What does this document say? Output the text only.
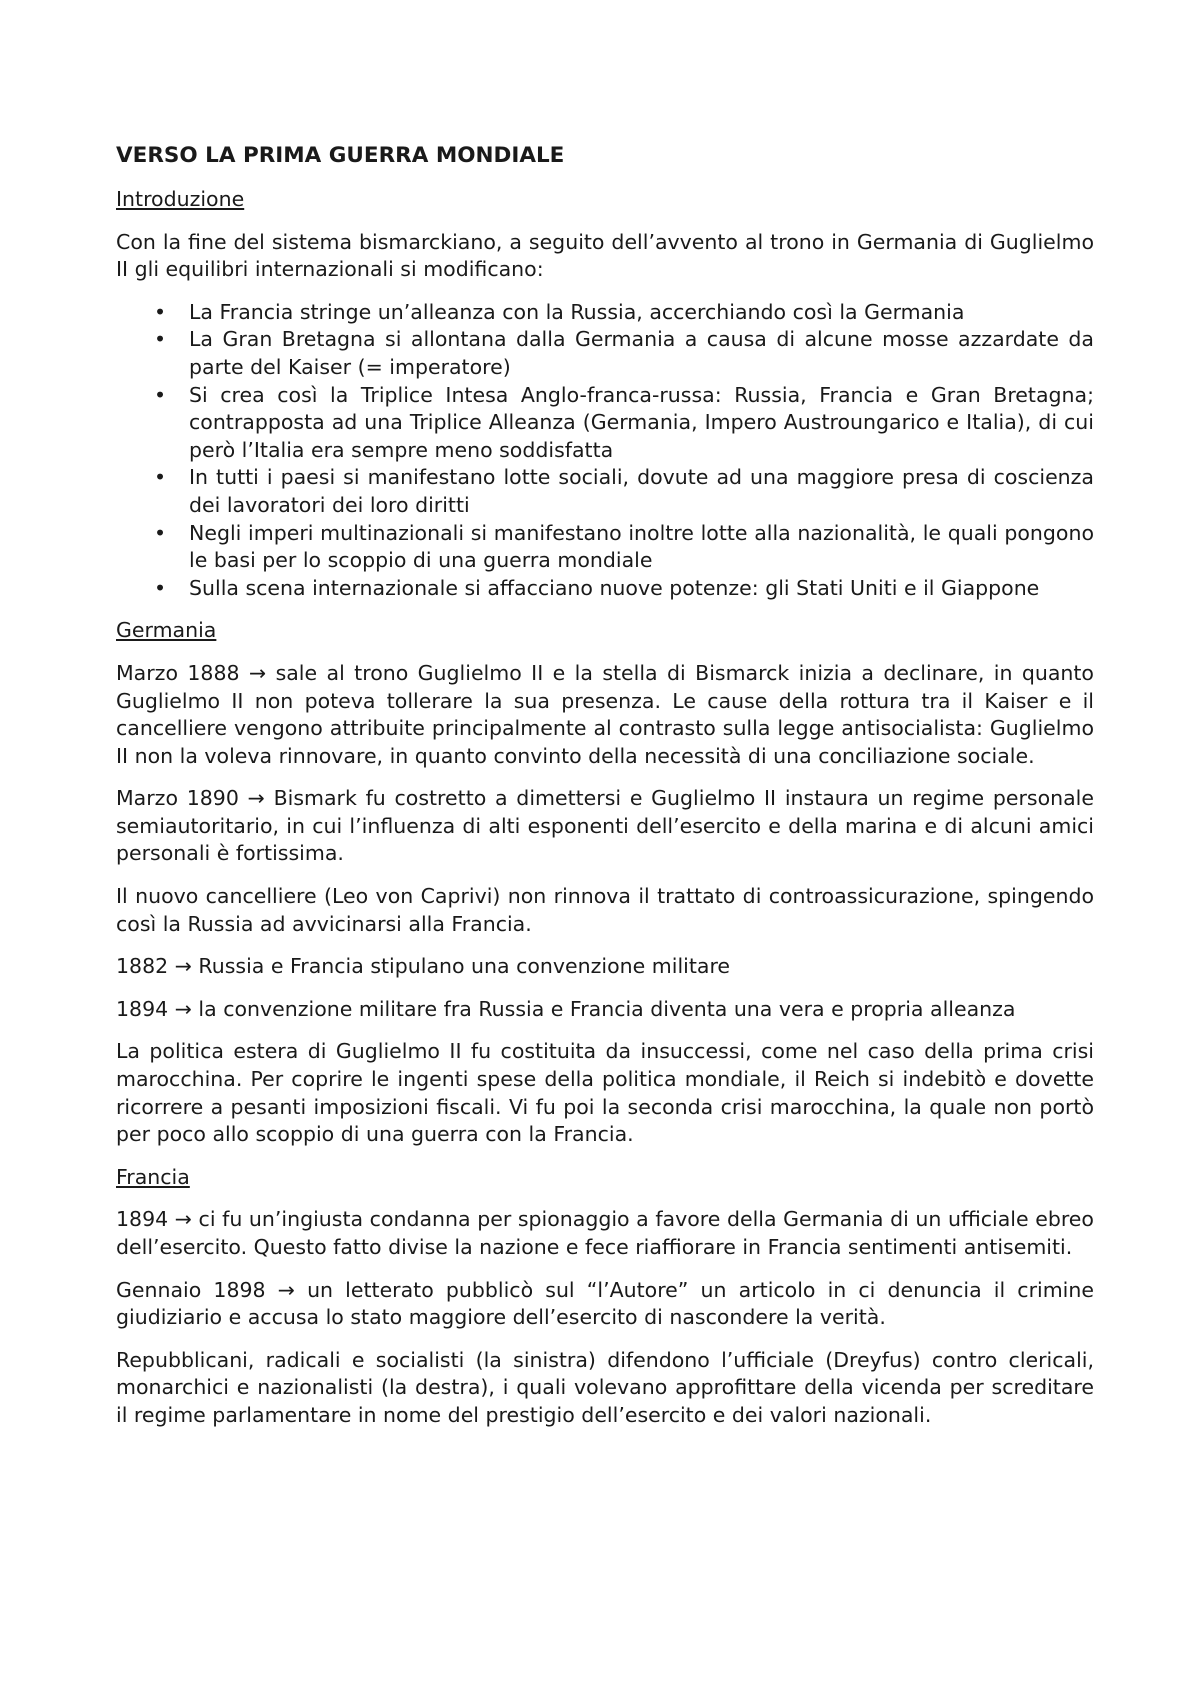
VERSO LA PRIMA GUERRA MONDIALE
Introduzione

Con la fine del sistema bismarckiano, a seguito dell’avvento al trono in Germania di Guglielmo II gli equilibri internazionali si modificano:

• La Francia stringe un’alleanza con la Russia, accerchiando così la Germania
• La Gran Bretagna si allontana dalla Germania a causa di alcune mosse azzardate da parte del Kaiser (= imperatore)
• Si crea così la Triplice Intesa Anglo-franca-russa: Russia, Francia e Gran Bretagna; contrapposta ad una Triplice Alleanza (Germania, Impero Austroungarico e Italia), di cui però l’Italia era sempre meno soddisfatta
• In tutti i paesi si manifestano lotte sociali, dovute ad una maggiore presa di coscienza dei lavoratori dei loro diritti
• Negli imperi multinazionali si manifestano inoltre lotte alla nazionalità, le quali pongono le basi per lo scoppio di una guerra mondiale
• Sulla scena internazionale si affacciano nuove potenze: gli Stati Uniti e il Giappone
Germania

Marzo 1888 → sale al trono Guglielmo II e la stella di Bismarck inizia a declinare, in quanto Guglielmo II non poteva tollerare la sua presenza. Le cause della rottura tra il Kaiser e il cancelliere vengono attribuite principalmente al contrasto sulla legge antisocialista: Guglielmo II non la voleva rinnovare, in quanto convinto della necessità di una conciliazione sociale.

Marzo 1890 → Bismark fu costretto a dimettersi e Guglielmo II instaura un regime personale semiautoritario, in cui l’influenza di alti esponenti dell’esercito e della marina e di alcuni amici personali è fortissima.

Il nuovo cancelliere (Leo von Caprivi) non rinnova il trattato di controassicurazione, spingendo così la Russia ad avvicinarsi alla Francia.

1882 → Russia e Francia stipulano una convenzione militare

1894 → la convenzione militare fra Russia e Francia diventa una vera e propria alleanza

La politica estera di Guglielmo II fu costituita da insuccessi, come nel caso della prima crisi marocchina. Per coprire le ingenti spese della politica mondiale, il Reich si indebitò e dovette ricorrere a pesanti imposizioni fiscali. Vi fu poi la seconda crisi marocchina, la quale non portò per poco allo scoppio di una guerra con la Francia.

Francia

1894 → ci fu un’ingiusta condanna per spionaggio a favore della Germania di un ufficiale ebreo dell’esercito. Questo fatto divise la nazione e fece riaffiorare in Francia sentimenti antisemiti.

Gennaio 1898 → un letterato pubblicò sul “l’Autore” un articolo in ci denuncia il crimine giudiziario e accusa lo stato maggiore dell’esercito di nascondere la verità.

Repubblicani, radicali e socialisti (la sinistra) difendono l’ufficiale (Dreyfus) contro clericali, monarchici e nazionalisti (la destra), i quali volevano approfittare della vicenda per screditare il regime parlamentare in nome del prestigio dell’esercito e dei valori nazionali.
